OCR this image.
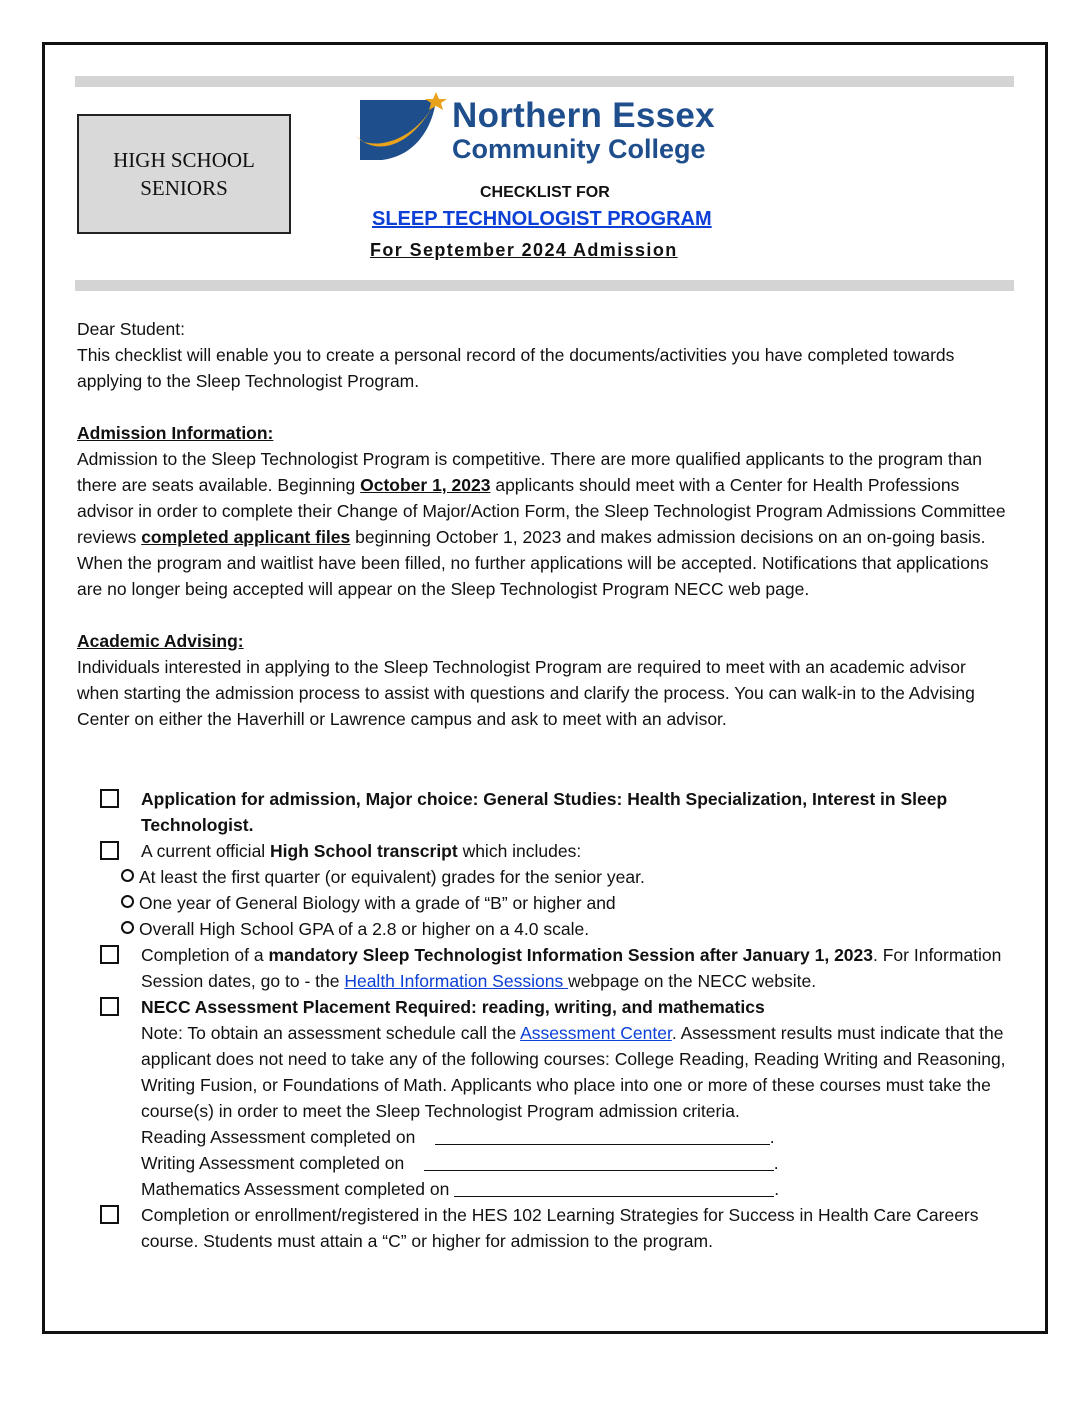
HIGH SCHOOL
SENIORS
Northern Essex
Community College
CHECKLIST FOR
SLEEP TECHNOLOGIST PROGRAM
For September 2024 Admission

Dear Student:

This checklist will enable you to create a personal record of the documents/activities you have completed towards applying to the Sleep Technologist Program.

Admission Information:

Admission to the Sleep Technologist Program is competitive. There are more qualified applicants to the program than there are seats available. Beginning October 1, 2023 applicants should meet with a Center for Health Professions advisor in order to complete their Change of Major/Action Form, the Sleep Technologist Program Admissions Committee reviews completed applicant files beginning October 1, 2023 and makes admission decisions on an on-going basis. When the program and waitlist have been filled, no further applications will be accepted. Notifications that applications are no longer being accepted will appear on the Sleep Technologist Program NECC web page.

Academic Advising:

Individuals interested in applying to the Sleep Technologist Program are required to meet with an academic advisor when starting the admission process to assist with questions and clarify the process. You can walk-in to the Advising Center on either the Haverhill or Lawrence campus and ask to meet with an advisor.

Application for admission, Major choice: General Studies: Health Specialization, Interest in Sleep Technologist.
A current official High School transcript which includes:
At least the first quarter (or equivalent) grades for the senior year.
One year of General Biology with a grade of “B” or higher and
Overall High School GPA of a 2.8 or higher on a 4.0 scale.
Completion of a mandatory Sleep Technologist Information Session after January 1, 2023. For Information Session dates, go to - the Health Information Sessions webpage on the NECC website.
NECC Assessment Placement Required: reading, writing, and mathematics
Note: To obtain an assessment schedule call the Assessment Center. Assessment results must indicate that the applicant does not need to take any of the following courses: College Reading, Reading Writing and Reasoning, Writing Fusion, or Foundations of Math. Applicants who place into one or more of these courses must take the course(s) in order to meet the Sleep Technologist Program admission criteria.
Reading Assessment completed on	.
Writing Assessment completed on	.
Mathematics Assessment completed on	.
Completion or enrollment/registered in the HES 102 Learning Strategies for Success in Health Care Careers course. Students must attain a “C” or higher for admission to the program.
